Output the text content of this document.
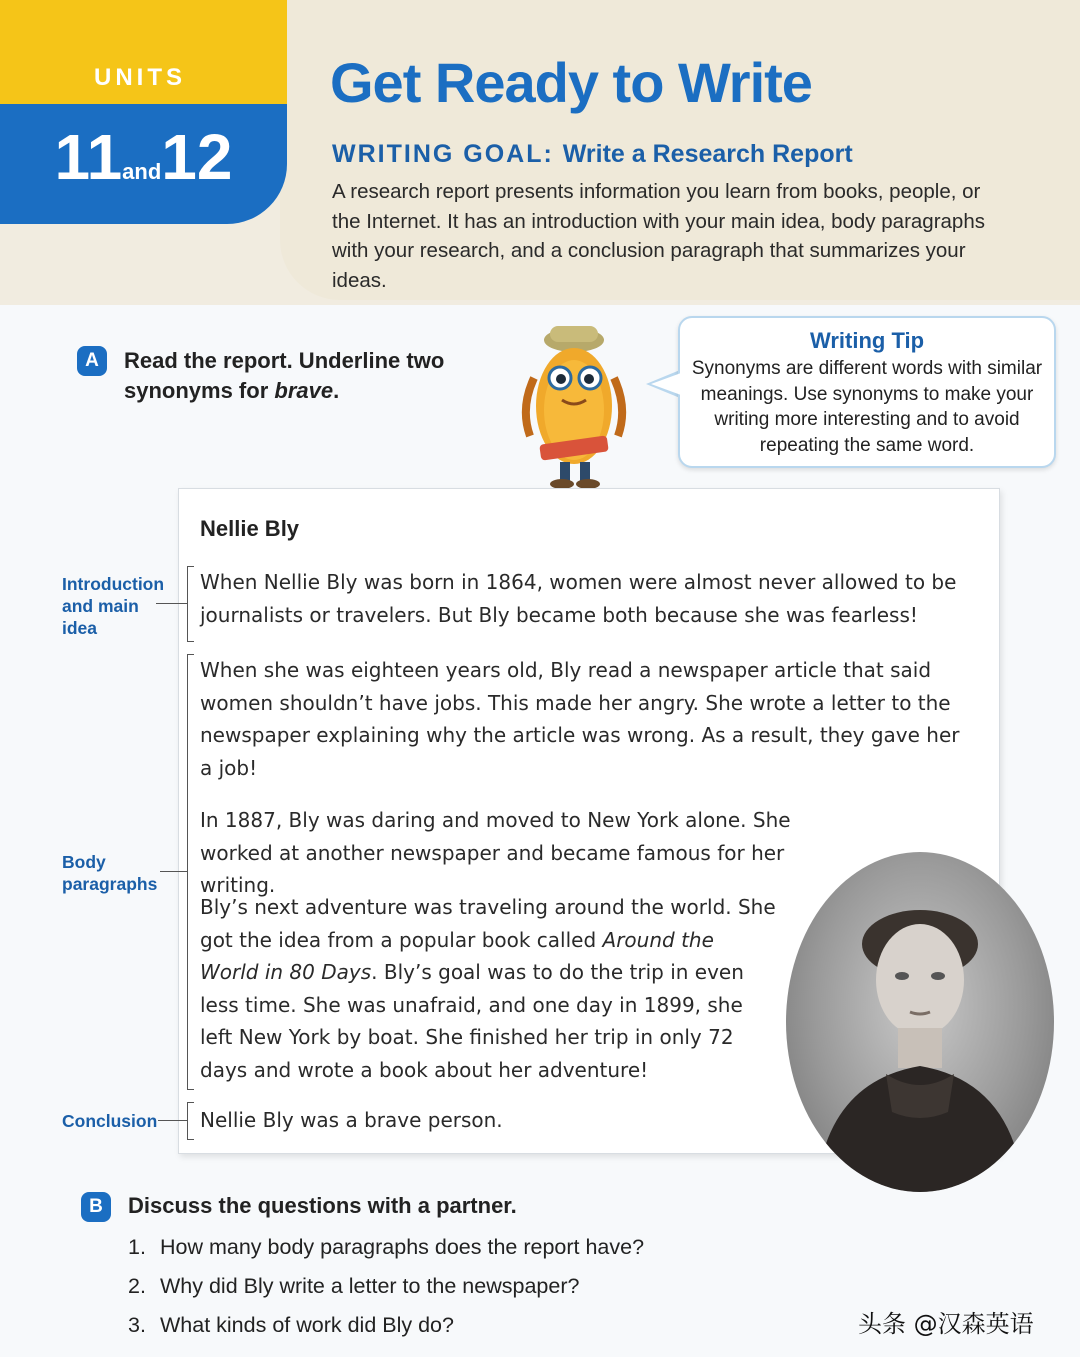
UNITS
11and12
Get Ready to Write
WRITING GOAL: Write a Research Report
A research report presents information you learn from books, people, or the Internet. It has an introduction with your main idea, body paragraphs with your research, and a conclusion paragraph that summarizes your ideas.
A	Read the report. Underline two synonyms for brave.
Writing Tip
Synonyms are different words with similar meanings. Use synonyms to make your writing more interesting and to avoid repeating the same word.
Nellie Bly
When Nellie Bly was born in 1864, women were almost never allowed to be journalists or travelers. But Bly became both because she was fearless!
When she was eighteen years old, Bly read a newspaper article that said women shouldn’t have jobs. This made her angry. She wrote a letter to the newspaper explaining why the article was wrong. As a result, they gave her a job!
In 1887, Bly was daring and moved to New York alone. She worked at another newspaper and became famous for her writing.
Bly’s next adventure was traveling around the world. She got the idea from a popular book called Around the World in 80 Days. Bly’s goal was to do the trip in even less time. She was unafraid, and one day in 1899, she left New York by boat. She finished her trip in only 72 days and wrote a book about her adventure!
Nellie Bly was a brave person.
Introduction and main idea
Body paragraphs
Conclusion
B	Discuss the questions with a partner.
1. How many body paragraphs does the report have?
2. Why did Bly write a letter to the newspaper?
3. What kinds of work did Bly do?	头条 @汉森英语
